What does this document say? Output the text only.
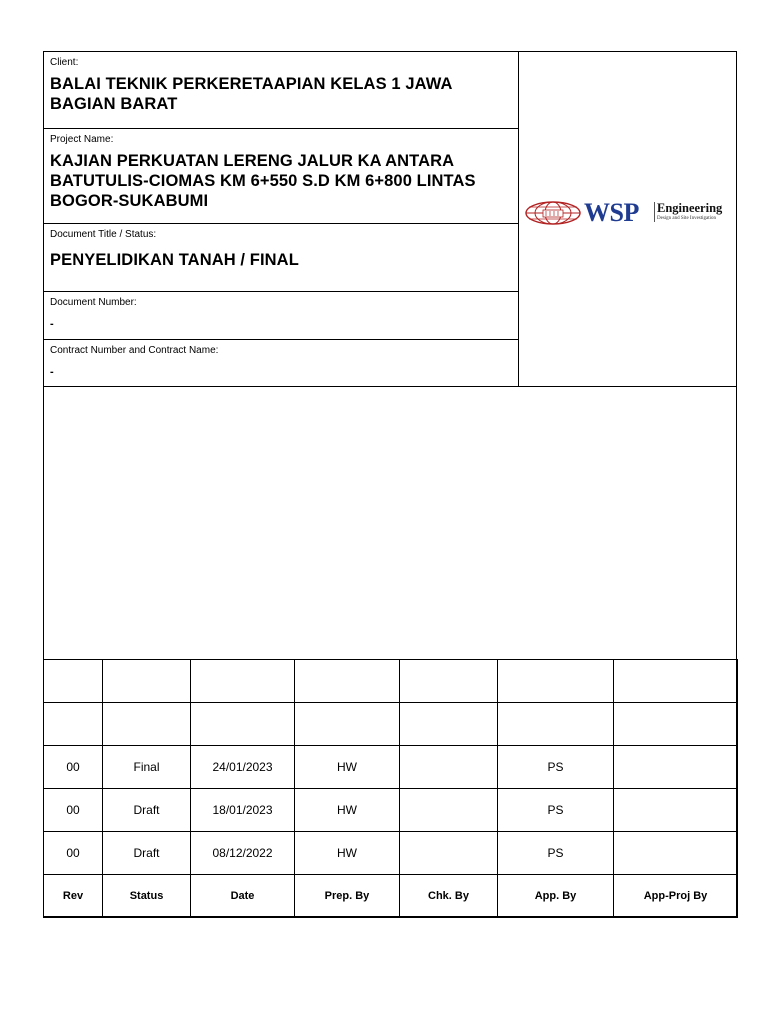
Client:
BALAI TEKNIK PERKERETAAPIAN KELAS 1 JAWA BAGIAN BARAT
Project Name:
KAJIAN PERKUATAN LERENG JALUR KA ANTARA BATUTULIS-CIOMAS KM 6+550 S.D KM 6+800 LINTAS BOGOR-SUKABUMI
Document Title / Status:
PENYELIDIKAN TANAH / FINAL
Document Number:
-
Contract Number and Contract Name:
-
WSP Engineering
Design and Site Investigation

00	Final	24/01/2023	HW		PS	
00	Draft	18/01/2023	HW		PS	
00	Draft	08/12/2022	HW		PS	
Rev	Status	Date	Prep. By	Chk. By	App. By	App-Proj By
